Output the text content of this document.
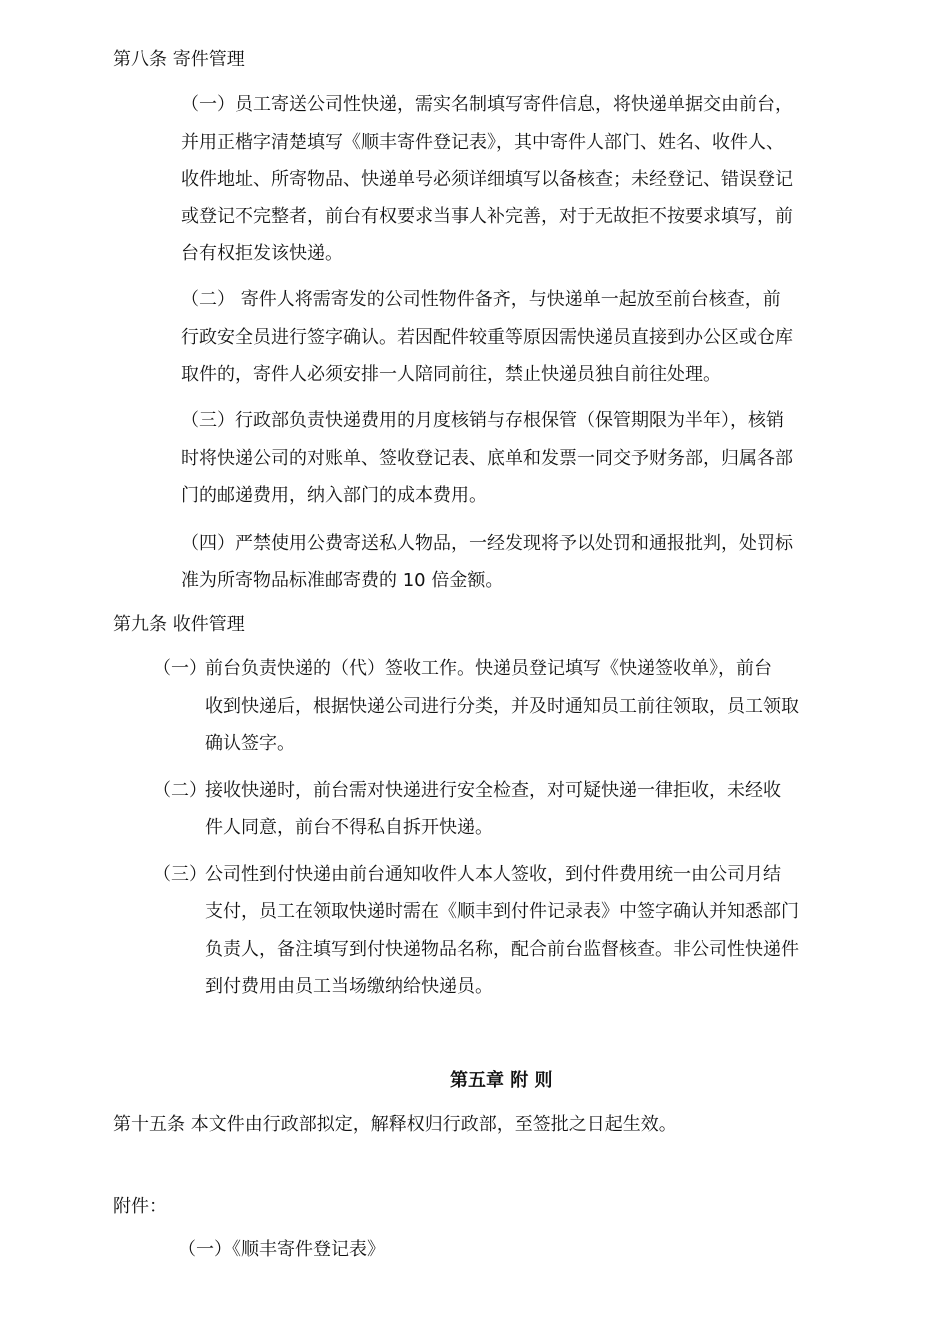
第八条 寄件管理
（一）员工寄送公司性快递，需实名制填写寄件信息，将快递单据交由前台，
并用正楷字清楚填写《顺丰寄件登记表》，其中寄件人部门、姓名、收件人、
收件地址、所寄物品、快递单号必须详细填写以备核查；未经登记、错误登记
或登记不完整者，前台有权要求当事人补完善，对于无故拒不按要求填写，前
台有权拒发该快递。
（二） 寄件人将需寄发的公司性物件备齐，与快递单一起放至前台核查，前
行政安全员进行签字确认。若因配件较重等原因需快递员直接到办公区或仓库
取件的，寄件人必须安排一人陪同前往，禁止快递员独自前往处理。
（三）行政部负责快递费用的月度核销与存根保管（保管期限为半年），核销
时将快递公司的对账单、签收登记表、底单和发票一同交予财务部，归属各部
门的邮递费用，纳入部门的成本费用。
（四）严禁使用公费寄送私人物品，一经发现将予以处罚和通报批判，处罚标
准为所寄物品标准邮寄费的 10 倍金额。
第九条 收件管理
（一）
前台负责快递的（代）签收工作。快递员登记填写《快递签收单》，前台
收到快递后，根据快递公司进行分类，并及时通知员工前往领取，员工领取
确认签字。
（二）
接收快递时，前台需对快递进行安全检查，对可疑快递一律拒收，未经收
件人同意，前台不得私自拆开快递。
（三）
公司性到付快递由前台通知收件人本人签收，到付件费用统一由公司月结
支付，员工在领取快递时需在《顺丰到付件记录表》中签字确认并知悉部门
负责人，备注填写到付快递物品名称，配合前台监督核查。非公司性快递件
到付费用由员工当场缴纳给快递员。
第五章 附 则
第十五条 本文件由行政部拟定，解释权归行政部，至签批之日起生效。
附件：
（一）《顺丰寄件登记表》
